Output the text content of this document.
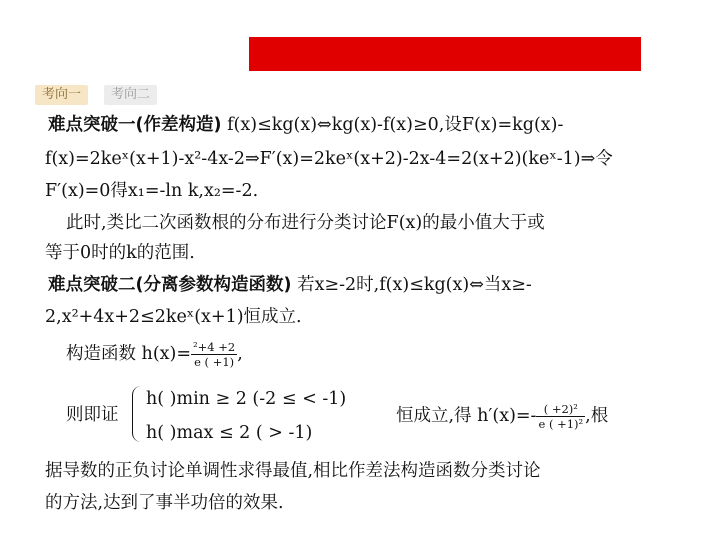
考向一	考向二
难点突破一(作差构造) f(x)≤kg(x)⇔kg(x)-f(x)≥0,设F(x)=kg(x)-
f(x)=2keˣ(x+1)-x²-4x-2⇒F′(x)=2keˣ(x+2)-2x-4=2(x+2)(keˣ-1)⇒令
F′(x)=0得x₁=-ln k,x₂=-2.
此时,类比二次函数根的分布进行分类讨论F(x)的最小值大于或
等于0时的k的范围.
难点突破二(分离参数构造函数) 若x≥-2时,f(x)≤kg(x)⇔当x≥-
2,x²+4x+2≤2keˣ(x+1)恒成立.
构造函数 $h(x)= \frac{\text{²+4 +2}}{e ( +1)}$ ,
则即证
h( )min ≥ 2 (-2 ≤ < -1)
h( )max ≤ 2 ( > -1)
恒成立,得 $h'(x)=- \frac{\text{( +2)²}}{\text{e ( +1)²}}$ ,根
据导数的正负讨论单调性求得最值,相比作差法构造函数分类讨论
的方法,达到了事半功倍的效果.
